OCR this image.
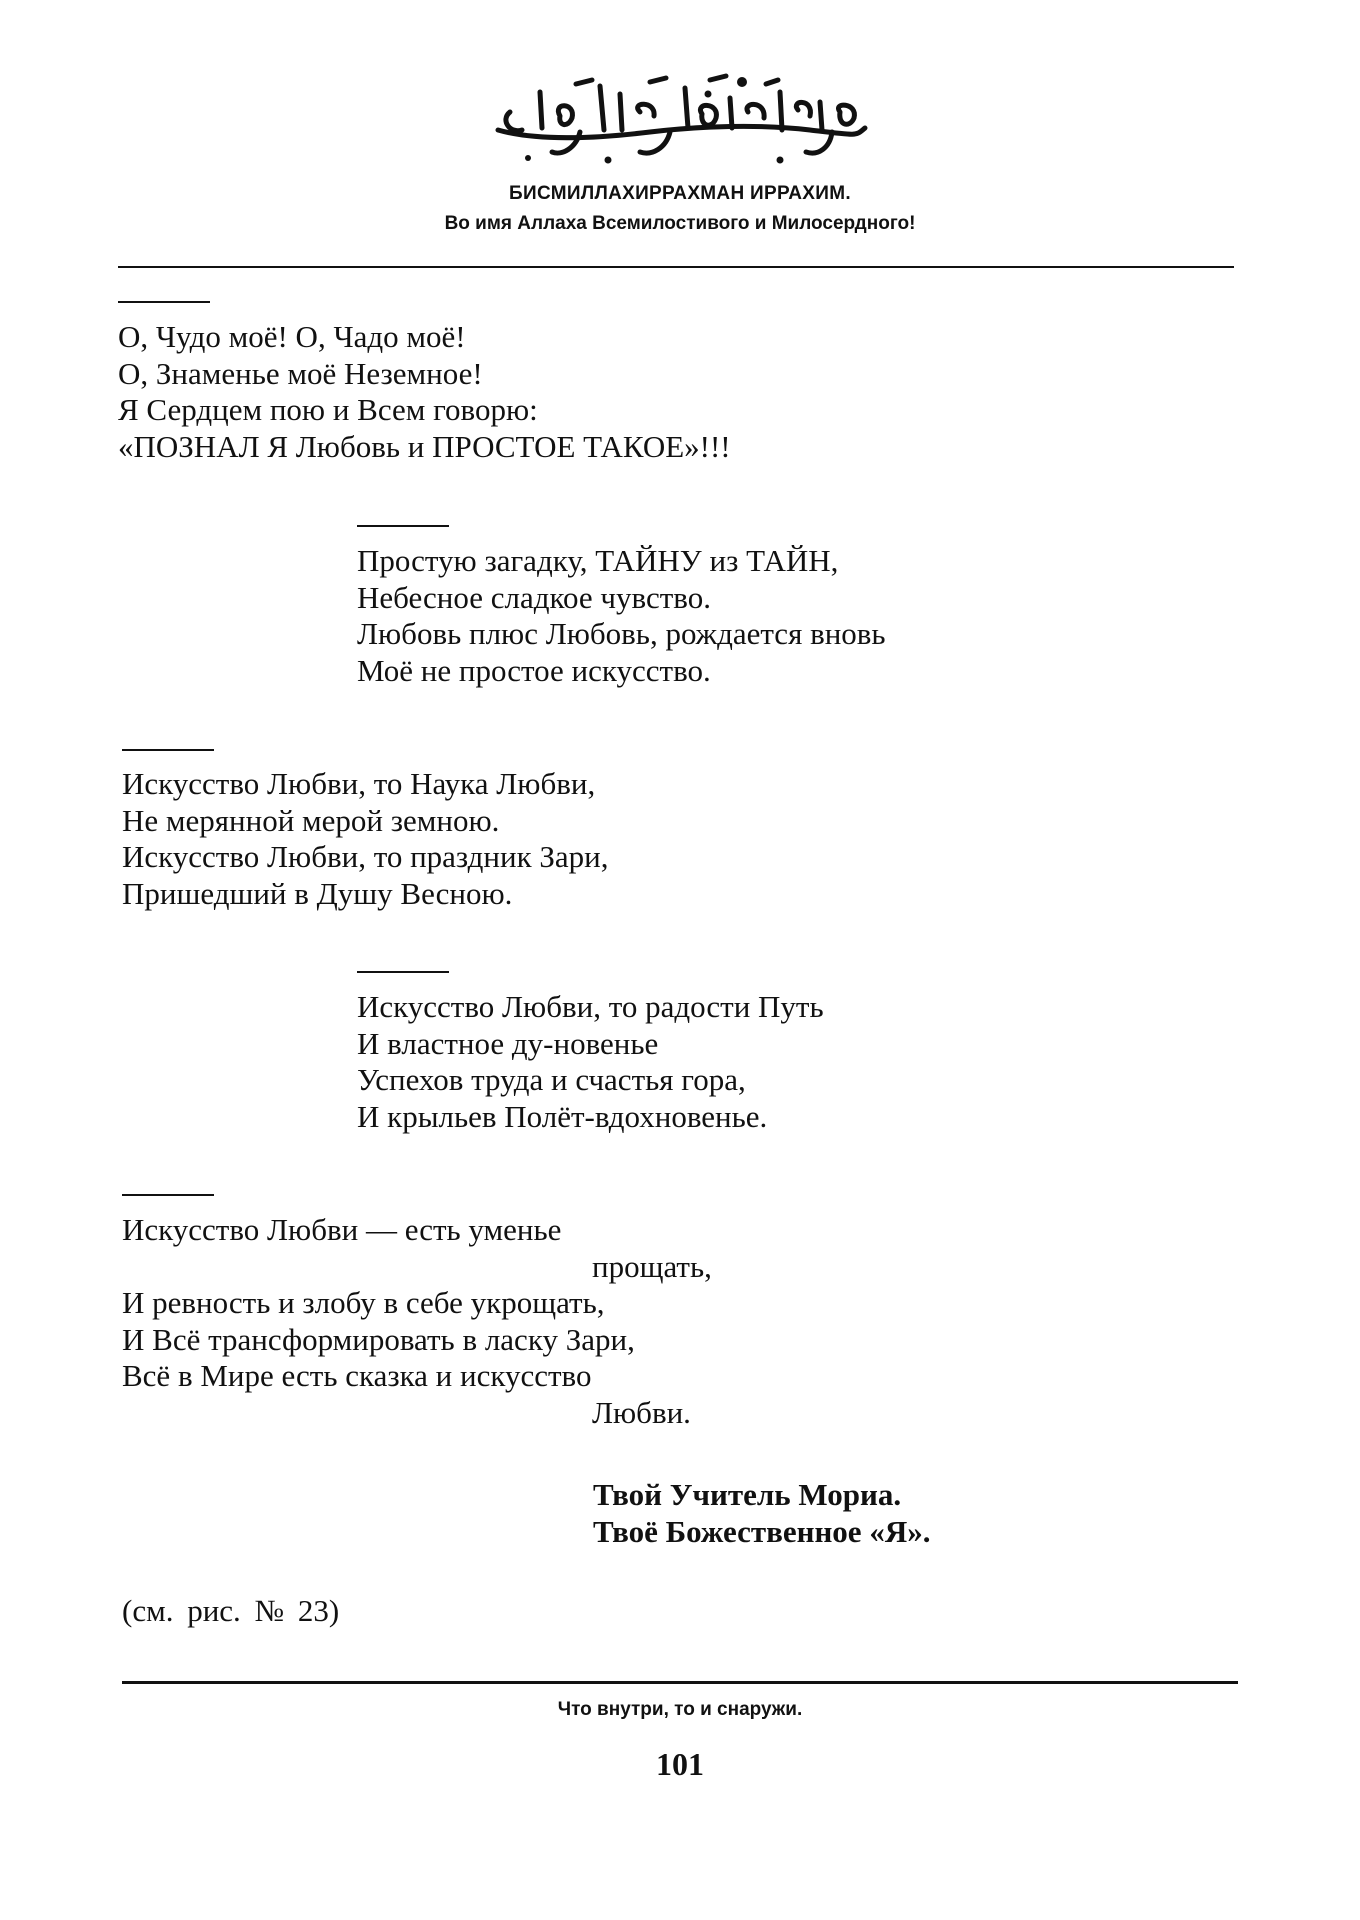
БИСМИЛЛАХИРРАХМАН ИРРАХИМ.
Во имя Аллаха Всемилостивого и Милосердного!
О, Чудо моё! О, Чадо моё!
О, Знаменье моё Неземное!
Я Сердцем пою и Всем говорю:
«ПОЗНАЛ Я Любовь и ПРОСТОЕ ТАКОЕ»!!!
Простую загадку, ТАЙНУ из ТАЙН,
Небесное сладкое чувство.
Любовь плюс Любовь, рождается вновь
Моё не простое искусство.
Искусство Любви, то Наука Любви,
Не мерянной мерой земною.
Искусство Любви, то праздник Зари,
Пришедший в Душу Весною.
Искусство Любви, то радости Путь
И властное ду-новенье
Успехов труда и счастья гора,
И крыльев Полёт-вдохновенье.
Искусство Любви — есть уменье
прощать,
И ревность и злобу в себе укрощать,
И Всё трансформировать в ласку Зари,
Всё в Мире есть сказка и искусство
Любви.
Твой Учитель Мориа.
Твоё Божественное «Я».
(см. рис. № 23)
Что внутри, то и снаружи.
101
